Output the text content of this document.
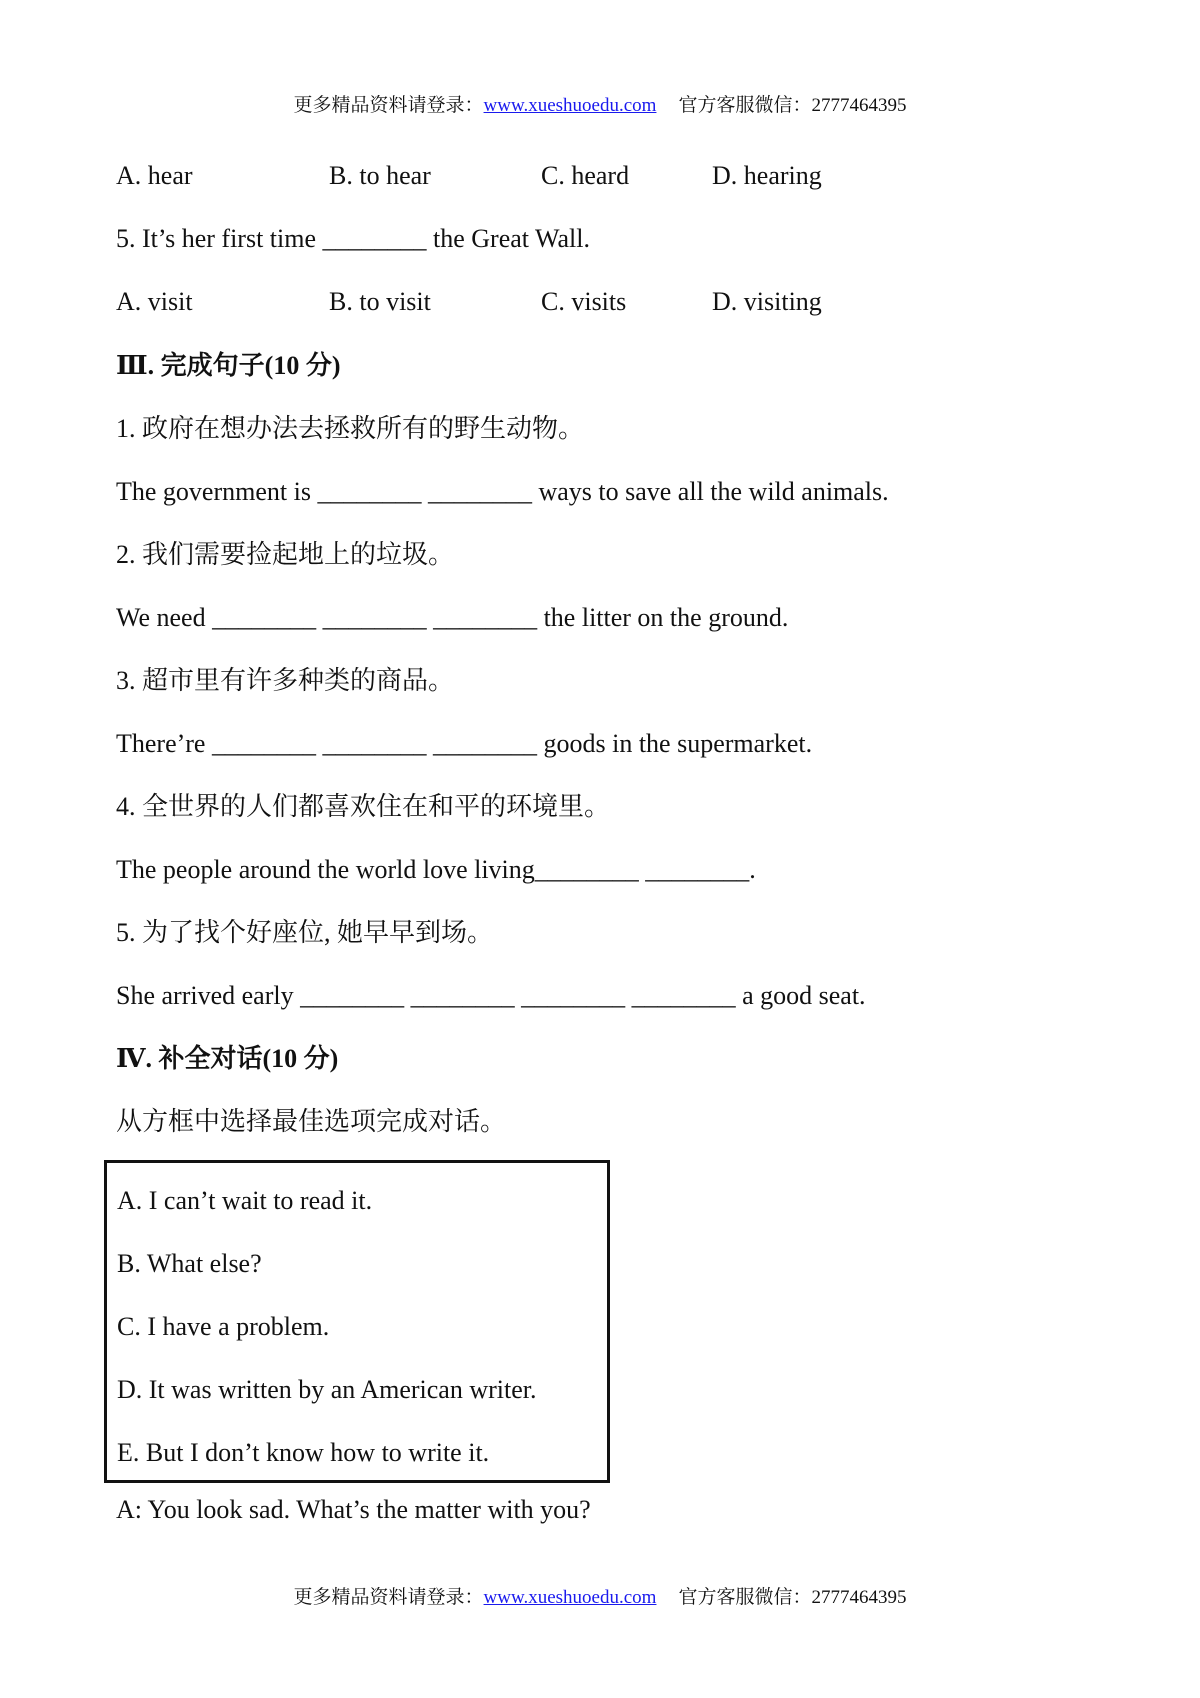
更多精品资料请登录：www.xueshuoedu.com 官方客服微信：2777464395
A. hear	B. to hear	C. heard	D. hearing
5. It’s her first time ________ the Great Wall.
A. visit	B. to visit	C. visits	D. visiting
Ⅲ. 完成句子(10 分)
1. 政府在想办法去拯救所有的野生动物。
The government is ________ ________ ways to save all the wild animals.
2. 我们需要捡起地上的垃圾。
We need ________ ________ ________ the litter on the ground.
3. 超市里有许多种类的商品。
There’re ________ ________ ________ goods in the supermarket.
4. 全世界的人们都喜欢住在和平的环境里。
The people around the world love living________ ________.
5. 为了找个好座位, 她早早到场。
She arrived early ________ ________ ________ ________ a good seat.
Ⅳ. 补全对话(10 分)
从方框中选择最佳选项完成对话。
A. I can’t wait to read it.
B. What else?
C. I have a problem.
D. It was written by an American writer.
E. But I don’t know how to write it.
A: You look sad. What’s the matter with you?
更多精品资料请登录：www.xueshuoedu.com 官方客服微信：2777464395
